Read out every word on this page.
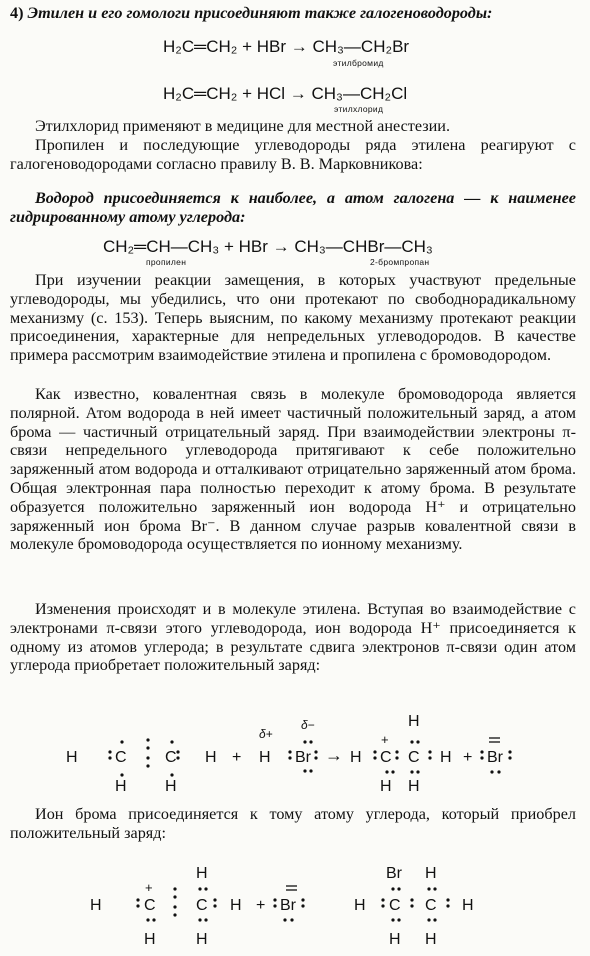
4) Этилен и его гомологи присоединяют также галогеноводороды:
H₂C═CH₂ + HBr → CH₃—CH₂Br
этилбромид
H₂C═CH₂ + HCl → CH₃—CH₂Cl
этилхлорид

Этилхлорид применяют в медицине для местной анестезии.

Пропилен и последующие углеводороды ряда этилена реагируют с галогеноводородами согласно правилу В. В. Марковникова:

Водород присоединяется к наиболее, а атом галогена — к наименее гидрированному атому углерода:

CH₂═CH—CH₃ + HBr → CH₃—CHBr—CH₃
пропилен	2-бромпропан

При изучении реакции замещения, в которых участвуют предельные углеводороды, мы убедились, что они протекают по свободнорадикальному механизму (с. 153). Теперь выясним, по какому механизму протекают реакции присоединения, характерные для непредельных углеводородов. В качестве примера рассмотрим взаимодействие этилена и пропилена с бромоводородом.

Как известно, ковалентная связь в молекуле бромоводорода является полярной. Атом водорода в ней имеет частичный положительный заряд, а атом брома — частичный отрицательный заряд. При взаимодействии электроны π-связи непредельного углеводорода притягивают к себе положительно заряженный атом водорода и отталкивают отрицательно заряженный атом брома. Общая электронная пара полностью переходит к атому брома. В результате образуется положительно заряженный ион водорода H⁺ и отрицательно заряженный ион брома Br⁻. В данном случае разрыв ковалентной связи в молекуле бромоводорода осуществляется по ионному механизму.

Изменения происходят и в молекуле этилена. Вступая во взаимодействие с электронами π-связи этого углеводорода, ион водорода H⁺ присоединяется к одному из атомов углерода; в результате сдвига электронов π-связи один атом углерода приобретает положительный заряд:

H C
H
C
H
H + H
δ+
Br
δ−
→ H C
H
+
C
H
H
H + Br

Ион брома присоединяется к тому атому углерода, который приобрел положительный заряд:

H	C
+
H
C
H
H
H + Br	H C
Br
H
C
H
H
H
